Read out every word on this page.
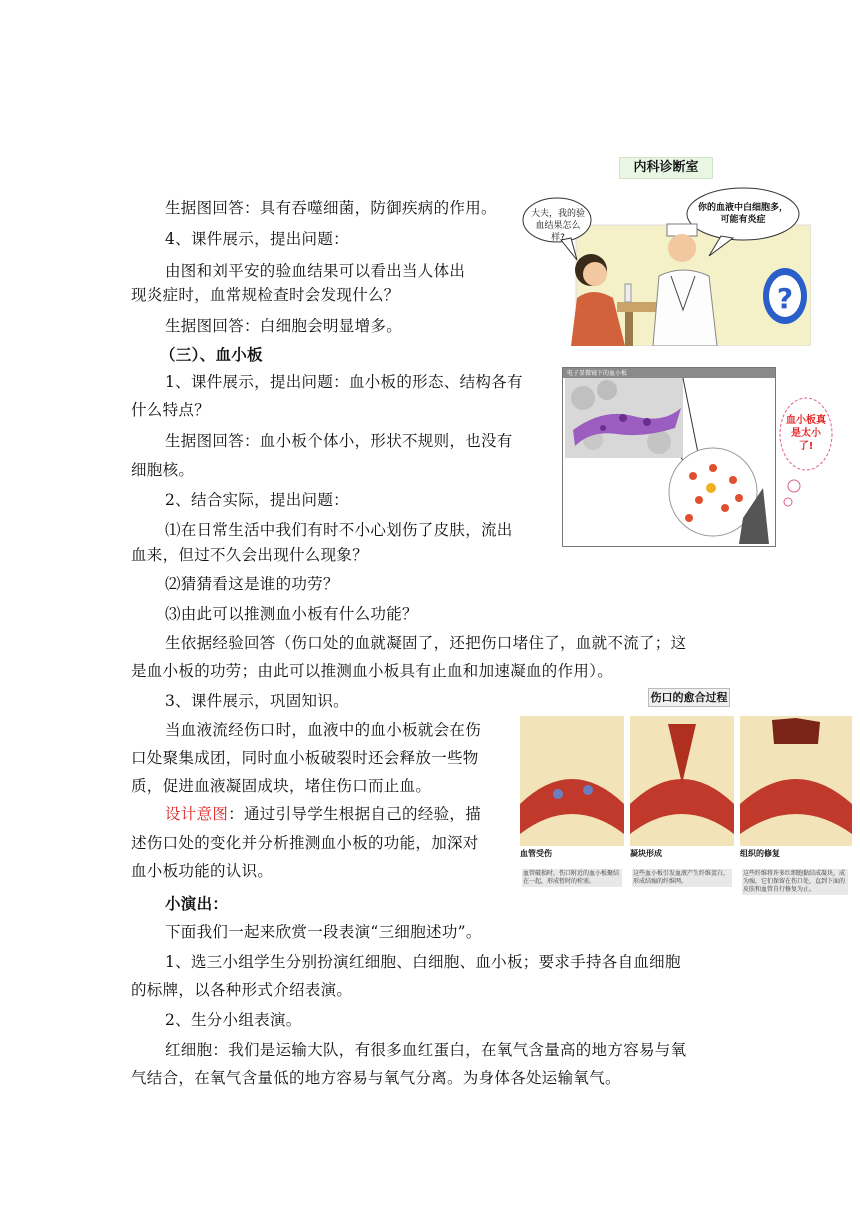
内科诊断室
?
大夫，我的验血结果怎么样?
你的血液中白细胞多，可能有炎症
电子显微镜下的血小板
血小板真是太小了!
伤口的愈合过程
血管受伤	凝块形成	组织的修复
血管破损时，伤口附近的血小板聚结在一起，形成暂时的栓塞。
这些血小板引发血液产生纤维蛋白，形成结痂的纤维网。
这些纤维将许多红细胞黏结成凝块，成为痂，它们保留在伤口处，直到下面的皮肤和血管自行修复为止。
生据图回答：具有吞噬细菌，防御疾病的作用。
4、课件展示，提出问题：
由图和刘平安的验血结果可以看出当人体出
现炎症时，血常规检查时会发现什么？
生据图回答：白细胞会明显增多。
（三）、血小板
1、课件展示，提出问题：血小板的形态、结构各有
什么特点？
生据图回答：血小板个体小，形状不规则，也没有
细胞核。
2、结合实际，提出问题：
⑴在日常生活中我们有时不小心划伤了皮肤，流出
血来，但过不久会出现什么现象？
⑵猜猜看这是谁的功劳？
⑶由此可以推测血小板有什么功能？
生依据经验回答（伤口处的血就凝固了，还把伤口堵住了，血就不流了；这
是血小板的功劳；由此可以推测血小板具有止血和加速凝血的作用）。
3、课件展示，巩固知识。
当血液流经伤口时，血液中的血小板就会在伤
口处聚集成团，同时血小板破裂时还会释放一些物
质，促进血液凝固成块，堵住伤口而止血。
设计意图：通过引导学生根据自己的经验，描
述伤口处的变化并分析推测血小板的功能，加深对
血小板功能的认识。
小演出：
下面我们一起来欣赏一段表演“三细胞述功”。
1、选三小组学生分别扮演红细胞、白细胞、血小板；要求手持各自血细胞
的标牌，以各种形式介绍表演。
2、生分小组表演。
红细胞：我们是运输大队，有很多血红蛋白，在氧气含量高的地方容易与氧
气结合，在氧气含量低的地方容易与氧气分离。为身体各处运输氧气。
